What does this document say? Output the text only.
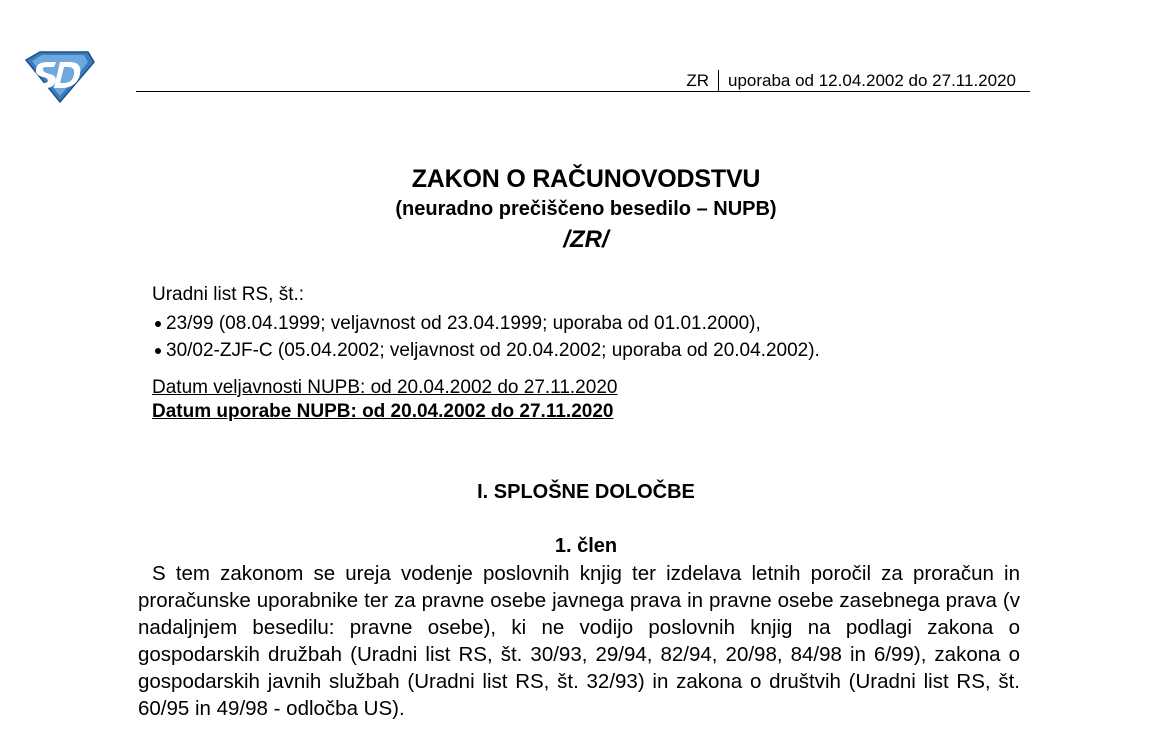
ZR	uporaba od 12.04.2002 do 27.11.2020
ZAKON O RAČUNOVODSTVU
(neuradno prečiščeno besedilo – NUPB)
/ZR/
Uradni list RS, št.:
23/99 (08.04.1999; veljavnost od 23.04.1999; uporaba od 01.01.2000),
30/02-ZJF-C (05.04.2002; veljavnost od 20.04.2002; uporaba od 20.04.2002).
Datum veljavnosti NUPB: od 20.04.2002 do 27.11.2020
Datum uporabe NUPB: od 20.04.2002 do 27.11.2020
I. SPLOŠNE DOLOČBE
1. člen
S tem zakonom se ureja vodenje poslovnih knjig ter izdelava letnih poročil za proračun in proračunske uporabnike ter za pravne osebe javnega prava in pravne osebe zasebnega prava (v nadaljnjem besedilu: pravne osebe), ki ne vodijo poslovnih knjig na podlagi zakona o gospodarskih družbah (Uradni list RS, št. 30/93, 29/94, 82/94, 20/98, 84/98 in 6/99), zakona o gospodarskih javnih službah (Uradni list RS, št. 32/93) in zakona o društvih (Uradni list RS, št. 60/95 in 49/98 - odločba US).
